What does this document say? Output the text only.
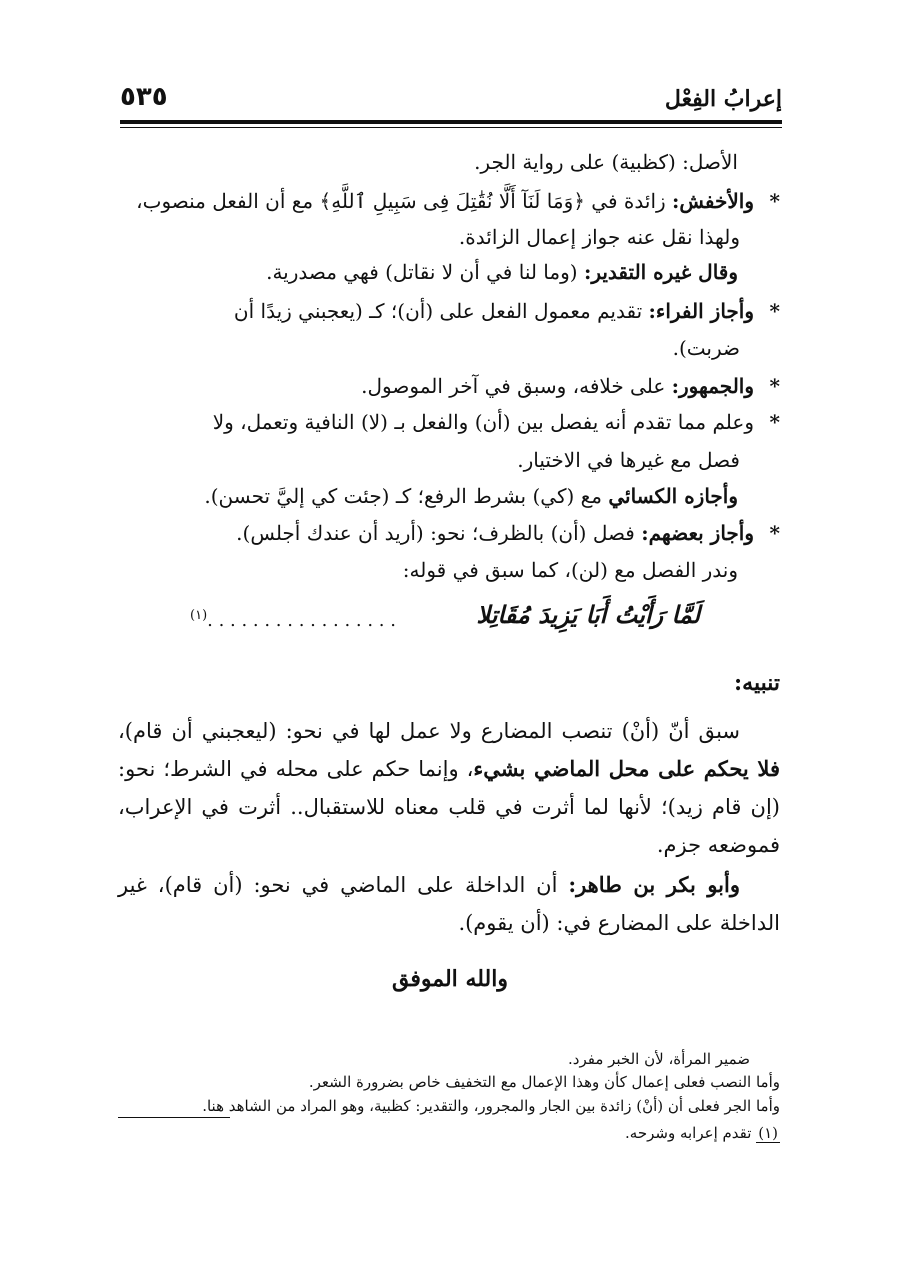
إعرابُ الفِعْل
٥٣٥
الأصل: (كظبية) على رواية الجر.
*والأخفش: زائدة في ﴿وَمَا لَنَآ أَلَّا نُقَٰتِلَ فِى سَبِيلِ ٱللَّهِ﴾ مع أن الفعل منصوب،
ولهذا نقل عنه جواز إعمال الزائدة.
وقال غيره التقدير: (وما لنا في أن لا نقاتل) فهي مصدرية.
*وأجاز الفراء: تقديم معمول الفعل على (أن)؛ كـ (يعجبني زيدًا أن
ضربت).
*والجمهور: على خلافه، وسبق في آخر الموصول.
*وعلم مما تقدم أنه يفصل بين (أن) والفعل بـ (لا) النافية وتعمل، ولا
فصل مع غيرها في الاختيار.
وأجازه الكسائي مع (كي) بشرط الرفع؛ كـ (جئت كي إليَّ تحسن).
*وأجاز بعضهم: فصل (أن) بالظرف؛ نحو: (أريد أن عندك أجلس).
وندر الفصل مع (لن)، كما سبق في قوله:
لَمَّا رَأَيْتُ أَبَا يَزِيدَ مُقَاتِلا
$^{(١)}$. . . . . . . . . . . . . . . . .
تنبيه:
سبق أنّ (أنْ) تنصب المضارع ولا عمل لها في نحو: (ليعجبني أن قام)، فلا يحكم على محل الماضي بشيء، وإنما حكم على محله في الشرط؛ نحو: (إن قام زيد)؛ لأنها لما أثرت في قلب معناه للاستقبال.. أثرت في الإعراب، فموضعه جزم.
وأبو بكر بن طاهر: أن الداخلة على الماضي في نحو: (أن قام)، غير الداخلة على المضارع في: (أن يقوم).
والله الموفق
ضمير المرأة، لأن الخبر مفرد.
وأما النصب فعلى إعمال كأن وهذا الإعمال مع التخفيف خاص بضرورة الشعر.
وأما الجر فعلى أن (أنْ) زائدة بين الجار والمجرور، والتقدير: كظبية، وهو المراد من الشاهد هنا.
(١) تقدم إعرابه وشرحه.
